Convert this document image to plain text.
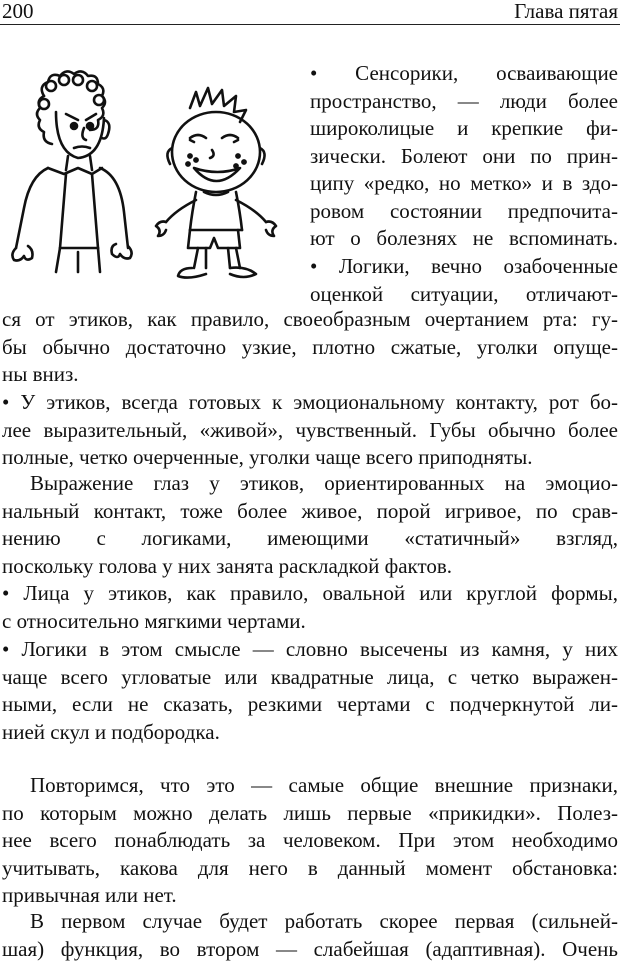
200	Глава пятая
• Сенсорики, осваивающие
пространство, — люди более
широколицые и крепкие фи-
зически. Болеют они по прин-
ципу «редко, но метко» и в здо-
ровом состоянии предпочита-
ют о болезнях не вспоминать.
• Логики, вечно озабоченные
оценкой ситуации, отличают-
ся от этиков, как правило, своеобразным очертанием рта: гу-
бы обычно достаточно узкие, плотно сжатые, уголки опуще-
ны вниз.
• У этиков, всегда готовых к эмоциональному контакту, рот бо-
лее выразительный, «живой», чувственный. Губы обычно более
полные, четко очерченные, уголки чаще всего приподняты.
Выражение глаз у этиков, ориентированных на эмоцио-
нальный контакт, тоже более живое, порой игривое, по срав-
нению с логиками, имеющими «статичный» взгляд,
поскольку голова у них занята раскладкой фактов.
• Лица у этиков, как правило, овальной или круглой формы,
с относительно мягкими чертами.
• Логики в этом смысле — словно высечены из камня, у них
чаще всего угловатые или квадратные лица, с четко выражен-
ными, если не сказать, резкими чертами с подчеркнутой ли-
нией скул и подбородка.
Повторимся, что это — самые общие внешние признаки,
по которым можно делать лишь первые «прикидки». Полез-
нее всего понаблюдать за человеком. При этом необходимо
учитывать, какова для него в данный момент обстановка:
привычная или нет.
В первом случае будет работать скорее первая (сильней-
шая) функция, во втором — слабейшая (адаптивная). Очень
